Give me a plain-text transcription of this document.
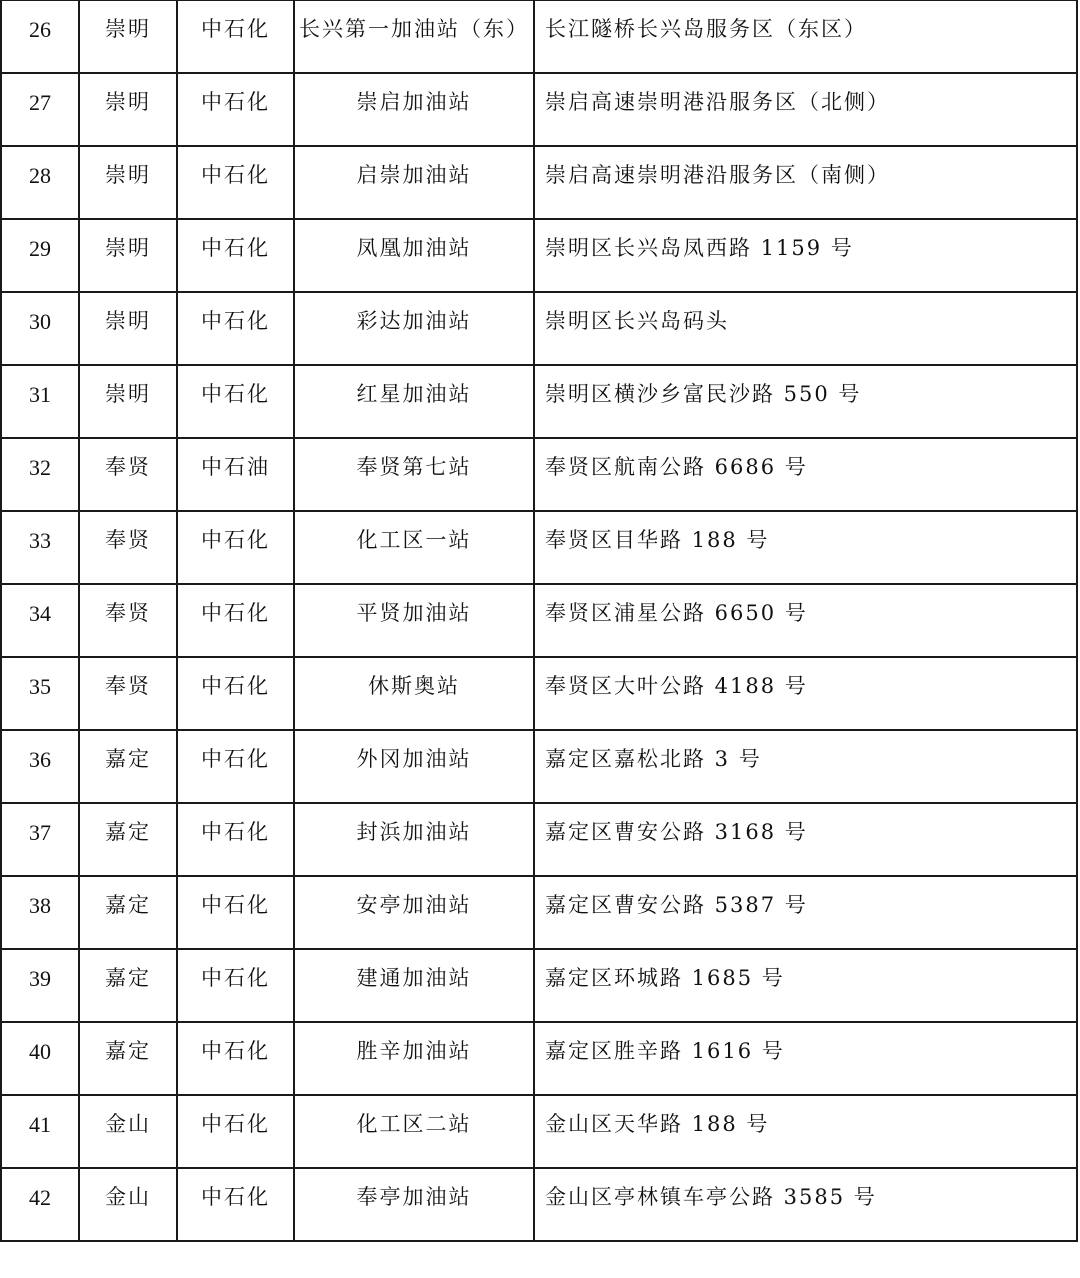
26	崇明	中石化	长兴第一加油站（东）	长江隧桥长兴岛服务区（东区）

27	崇明	中石化	崇启加油站	崇启高速崇明港沿服务区（北侧）

28	崇明	中石化	启崇加油站	崇启高速崇明港沿服务区（南侧）

29	崇明	中石化	凤凰加油站	崇明区长兴岛凤西路 1159 号

30	崇明	中石化	彩达加油站	崇明区长兴岛码头

31	崇明	中石化	红星加油站	崇明区横沙乡富民沙路 550 号

32	奉贤	中石油	奉贤第七站	奉贤区航南公路 6686 号

33	奉贤	中石化	化工区一站	奉贤区目华路 188 号

34	奉贤	中石化	平贤加油站	奉贤区浦星公路 6650 号

35	奉贤	中石化	休斯奥站	奉贤区大叶公路 4188 号

36	嘉定	中石化	外冈加油站	嘉定区嘉松北路 3 号

37	嘉定	中石化	封浜加油站	嘉定区曹安公路 3168 号

38	嘉定	中石化	安亭加油站	嘉定区曹安公路 5387 号

39	嘉定	中石化	建通加油站	嘉定区环城路 1685 号

40	嘉定	中石化	胜辛加油站	嘉定区胜辛路 1616 号

41	金山	中石化	化工区二站	金山区天华路 188 号

42	金山	中石化	奉亭加油站	金山区亭林镇车亭公路 3585 号
